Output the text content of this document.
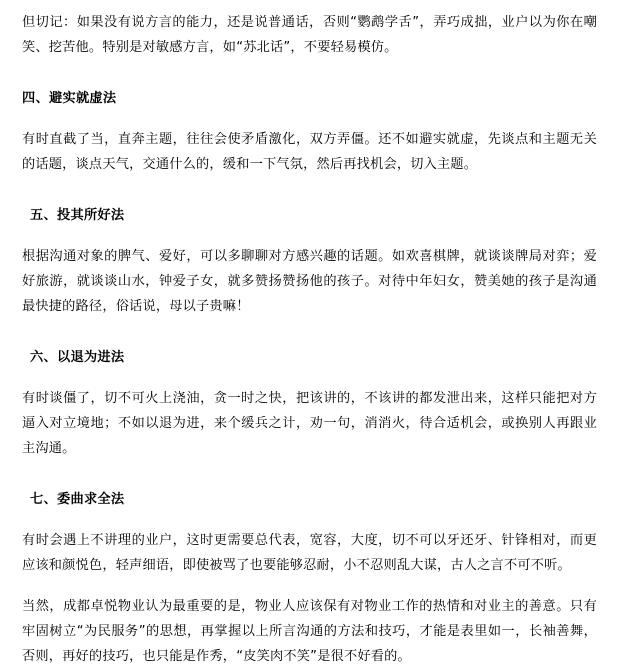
但切记：如果没有说方言的能力，还是说普通话，否则“鹦鹉学舌”，弄巧成拙，业户以为你在嘲笑、挖苦他。特别是对敏感方言，如“苏北话”，不要轻易模仿。

四、避实就虚法

有时直截了当，直奔主题，往往会使矛盾激化，双方弄僵。还不如避实就虚，先谈点和主题无关的话题，谈点天气，交通什么的，缓和一下气氛，然后再找机会，切入主题。

五、投其所好法

根据沟通对象的脾气、爱好，可以多聊聊对方感兴趣的话题。如欢喜棋牌，就谈谈牌局对弈；爱好旅游，就谈谈山水，钟爱子女，就多赞扬赞扬他的孩子。对待中年妇女，赞美她的孩子是沟通最快捷的路径，俗话说，母以子贵嘛！

六、以退为进法

有时谈僵了，切不可火上浇油，贪一时之快，把该讲的，不该讲的都发泄出来，这样只能把对方逼入对立境地；不如以退为进，来个缓兵之计，劝一句，消消火，待合适机会，或换别人再跟业主沟通。

七、委曲求全法

有时会遇上不讲理的业户，这时更需要总代表，宽容，大度，切不可以牙还牙、针锋相对，而更应该和颜悦色，轻声细语，即使被骂了也要能够忍耐，小不忍则乱大谋，古人之言不可不听。

当然，成都卓悦物业认为最重要的是，物业人应该保有对物业工作的热情和对业主的善意。只有牢固树立“为民服务”的思想，再掌握以上所言沟通的方法和技巧，才能是表里如一，长袖善舞，否则，再好的技巧，也只能是作秀，“皮笑肉不笑”是很不好看的。
